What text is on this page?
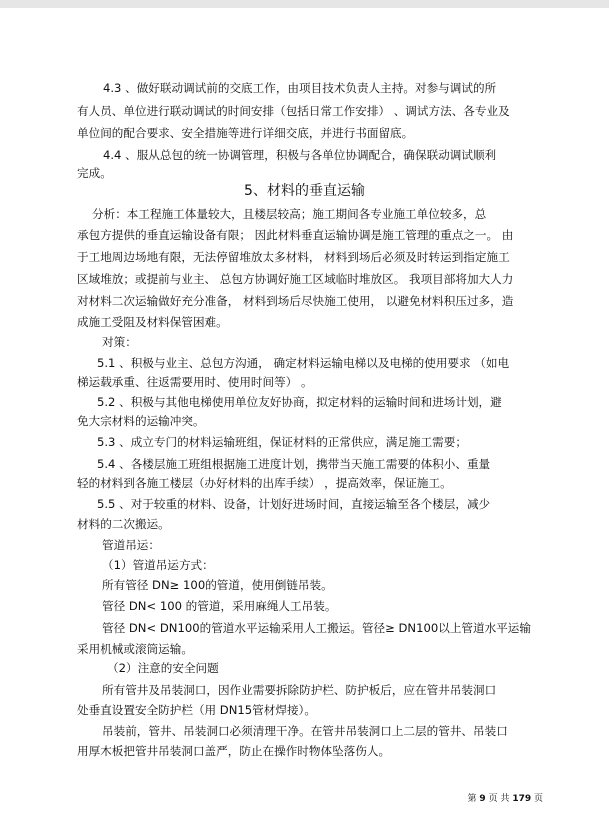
4.3 、做好联动调试前的交底工作，由项目技术负责人主持。对参与调试的所
有人员、单位进行联动调试的时间安排（包括日常工作安排） 、调试方法、各专业及
单位间的配合要求、安全措施等进行详细交底，并进行书面留底。
4.4 、服从总包的统一协调管理，积极与各单位协调配合，确保联动调试顺利
完成。
5、材料的垂直运输
分析：本工程施工体量较大，且楼层较高；施工期间各专业施工单位较多，总
承包方提供的垂直运输设备有限； 因此材料垂直运输协调是施工管理的重点之一。 由
于工地周边场地有限，无法停留堆放太多材料， 材料到场后必须及时转运到指定施工
区域堆放；或提前与业主、 总包方协调好施工区域临时堆放区。 我项目部将加大人力
对材料二次运输做好充分准备， 材料到场后尽快施工使用， 以避免材料积压过多，造
成施工受阻及材料保管困难。
对策：
5.1 、积极与业主、总包方沟通， 确定材料运输电梯以及电梯的使用要求 （如电
梯运载承重、往返需要用时、使用时间等） 。
5.2 、积极与其他电梯使用单位友好协商，拟定材料的运输时间和进场计划，避
免大宗材料的运输冲突。
5.3 、成立专门的材料运输班组，保证材料的正常供应，满足施工需要；
5.4 、各楼层施工班组根据施工进度计划，携带当天施工需要的体积小、重量
轻的材料到各施工楼层（办好材料的出库手续） ，提高效率，保证施工。
5.5 、对于较重的材料、设备，计划好进场时间，直接运输至各个楼层，减少
材料的二次搬运。
管道吊运：
（1）管道吊运方式：
所有管径 DN≥ 100的管道，使用倒链吊装。
管径 DN< 100 的管道，采用麻绳人工吊装。
管径 DN< DN100的管道水平运输采用人工搬运。管径≥ DN100以上管道水平运输
采用机械或滚筒运输。
（2）注意的安全问题
所有管井及吊装洞口，因作业需要拆除防护栏、防护板后，应在管井吊装洞口
处垂直设置安全防护栏（用 DN15管材焊接）。
吊装前，管井、吊装洞口必须清理干净。在管井吊装洞口上二层的管井、吊装口
用厚木板把管井吊装洞口盖严，防止在操作时物体坠落伤人。
第 9 页 共 179 页
